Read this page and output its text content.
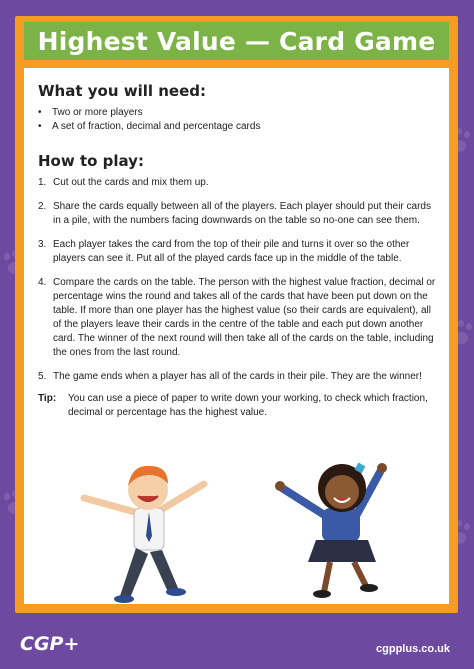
Highest Value — Card Game
What you will need:
• Two or more players
• A set of fraction, decimal and percentage cards
How to play:
1. Cut out the cards and mix them up.
2. Share the cards equally between all of the players. Each player should put their cards in a pile, with the numbers facing downwards on the table so no-one can see them.
3. Each player takes the card from the top of their pile and turns it over so the other players can see it. Put all of the played cards face up in the middle of the table.
4. Compare the cards on the table. The person with the highest value fraction, decimal or percentage wins the round and takes all of the cards that have been put down on the table. If more than one player has the highest value (so their cards are equivalent), all of the players leave their cards in the centre of the table and each put down another card. The winner of the next round will then take all of the cards on the table, including the ones from the last round.
5. The game ends when a player has all of the cards in their pile. They are the winner!
Tip: You can use a piece of paper to write down your working, to check which fraction, decimal or percentage has the highest value.
CGP+	cgpplus.co.uk
